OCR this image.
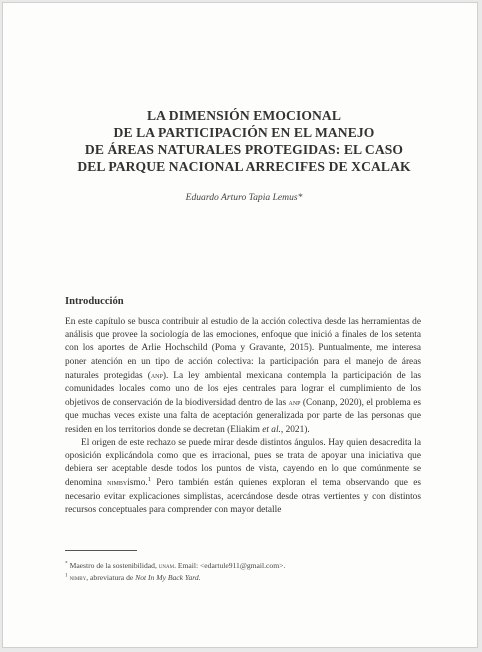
LA DIMENSIÓN EMOCIONAL
DE LA PARTICIPACIÓN EN EL MANEJO
DE ÁREAS NATURALES PROTEGIDAS: EL CASO
DEL PARQUE NACIONAL ARRECIFES DE XCALAK
Eduardo Arturo Tapia Lemus*
Introducción

En este capítulo se busca contribuir al estudio de la acción colectiva desde las herramientas de análisis que provee la sociología de las emociones, enfoque que inició a finales de los setenta con los aportes de Arlie Hochschild (Poma y Gravante, 2015). Puntualmente, me interesa poner atención en un tipo de acción colectiva: la participación para el manejo de áreas naturales protegidas (anp). La ley ambiental mexicana contempla la participación de las comunidades locales como uno de los ejes centrales para lograr el cumplimiento de los objetivos de conservación de la biodiversidad dentro de las anp (Conanp, 2020), el problema es que muchas veces existe una falta de aceptación generalizada por parte de las personas que residen en los territorios donde se decretan (Eliakim et al., 2021).

El origen de este rechazo se puede mirar desde distintos ángulos. Hay quien desacredita la oposición explicándola como que es irracional, pues se trata de apoyar una iniciativa que debiera ser aceptable desde todos los puntos de vista, cayendo en lo que comúnmente se denomina nimbyismo.$^1$ Pero también están quienes exploran el tema observando que es necesario evitar explicaciones simplistas, acercándose desde otras vertientes y con distintos recursos conceptuales para comprender con mayor detalle

* Maestro de la sostenibilidad, unam. Email: <edartule911@gmail.com>.
$^1$ nimby, abreviatura de Not In My Back Yard.
